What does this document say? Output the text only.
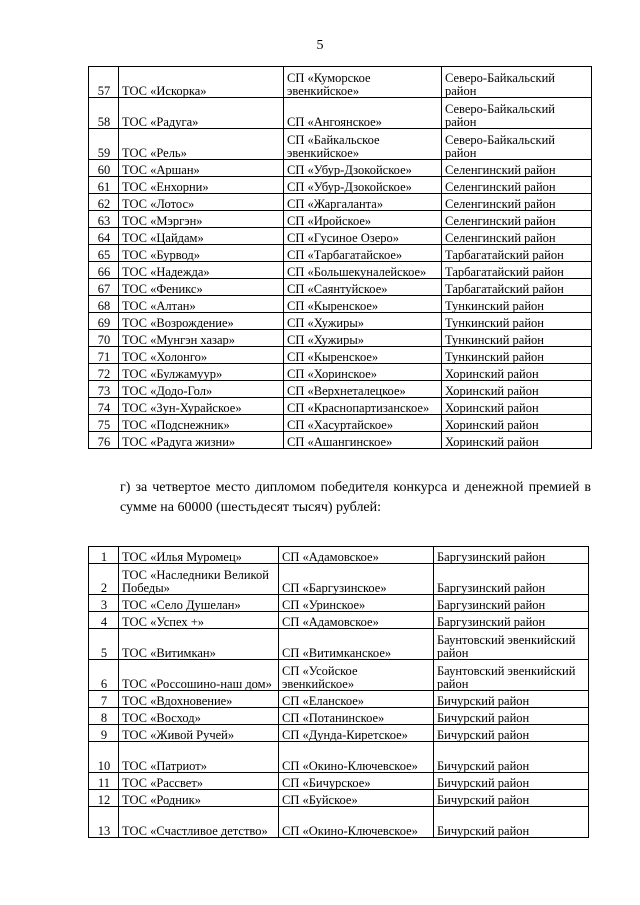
5
57	ТОС «Искорка»	СП «Куморское эвенкийское»	Северо-Байкальский район
58	ТОС «Радуга»	СП «Ангоянское»	Северо-Байкальский район
59	ТОС «Рель»	СП «Байкальское эвенкийское»	Северо-Байкальский район
60	ТОС «Аршан»	СП «Убур-Дзокойское»	Селенгинский район
61	ТОС «Енхорни»	СП «Убур-Дзокойское»	Селенгинский район
62	ТОС «Лотос»	СП «Жаргаланта»	Селенгинский район
63	ТОС «Мэргэн»	СП «Иройское»	Селенгинский район
64	ТОС «Цайдам»	СП «Гусиное Озеро»	Селенгинский район
65	ТОС «Бурвод»	СП «Тарбагатайское»	Тарбагатайский район
66	ТОС «Надежда»	СП «Большекуналейское»	Тарбагатайский район
67	ТОС «Феникс»	СП «Саянтуйское»	Тарбагатайский район
68	ТОС «Алтан»	СП «Кыренское»	Тункинский район
69	ТОС «Возрождение»	СП «Хужиры»	Тункинский район
70	ТОС «Мунгэн хазар»	СП «Хужиры»	Тункинский район
71	ТОС «Холонго»	СП «Кыренское»	Тункинский район
72	ТОС «Булжамуур»	СП «Хоринское»	Хоринский район
73	ТОС «Додо-Гол»	СП «Верхнеталецкое»	Хоринский район
74	ТОС «Зун-Хурайское»	СП «Краснопартизанское»	Хоринский район
75	ТОС «Подснежник»	СП «Хасуртайское»	Хоринский район
76	ТОС «Радуга жизни»	СП «Ашангинское»	Хоринский район
г) за четвертое место дипломом победителя конкурса и денежной премией в сумме на 60000 (шестьдесят тысяч) рублей:
1	ТОС «Илья Муромец»	СП «Адамовское»	Баргузинский район
2	ТОС «Наследники Великой Победы»	СП «Баргузинское»	Баргузинский район
3	ТОС «Село Душелан»	СП «Уринское»	Баргузинский район
4	ТОС «Успех +»	СП «Адамовское»	Баргузинский район
5	ТОС «Витимкан»	СП «Витимканское»	Баунтовский эвенкийский район
6	ТОС «Россошино-наш дом»	СП «Усойское эвенкийское»	Баунтовский эвенкийский район
7	ТОС «Вдохновение»	СП «Еланское»	Бичурский район
8	ТОС «Восход»	СП «Потанинское»	Бичурский район
9	ТОС «Живой Ручей»	СП «Дунда-Киретское»	Бичурский район
10	ТОС «Патриот»	СП «Окино-Ключевское»	Бичурский район
11	ТОС «Рассвет»	СП «Бичурское»	Бичурский район
12	ТОС «Родник»	СП «Буйское»	Бичурский район
13	ТОС «Счастливое детство»	СП «Окино-Ключевское»	Бичурский район
